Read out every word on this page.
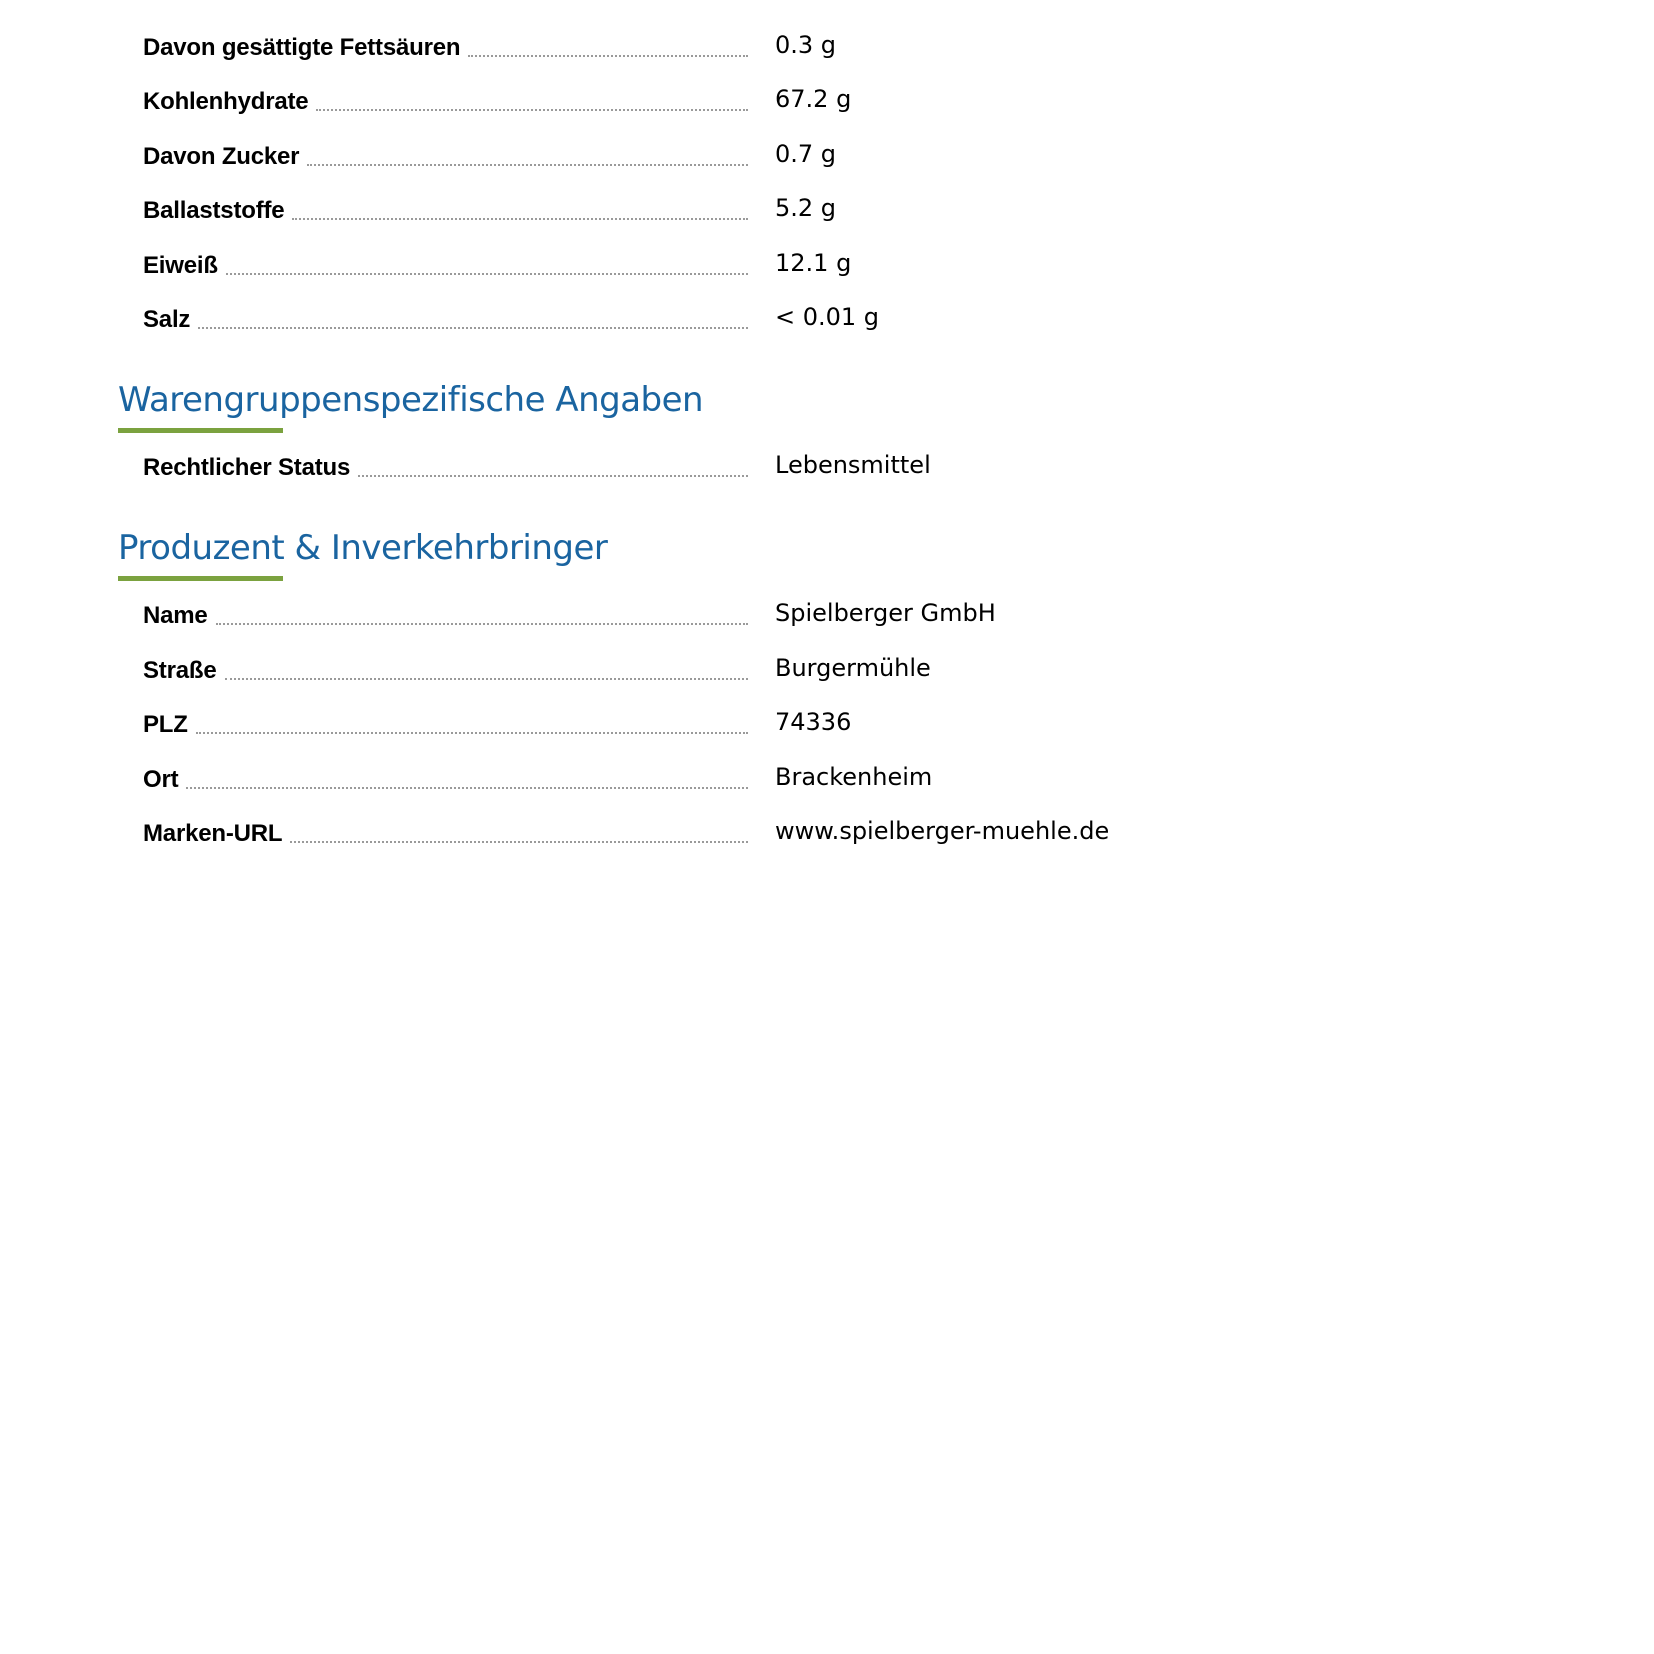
Davon gesättigte Fettsäuren	0.3 g
Kohlenhydrate	67.2 g
Davon Zucker	0.7 g
Ballaststoffe	5.2 g
Eiweiß	12.1 g
Salz	< 0.01 g
Warengruppenspezifische Angaben
Rechtlicher Status	Lebensmittel
Produzent & Inverkehrbringer
Name	Spielberger GmbH
Straße	Burgermühle
PLZ	74336
Ort	Brackenheim
Marken-URL	www.spielberger-muehle.de
